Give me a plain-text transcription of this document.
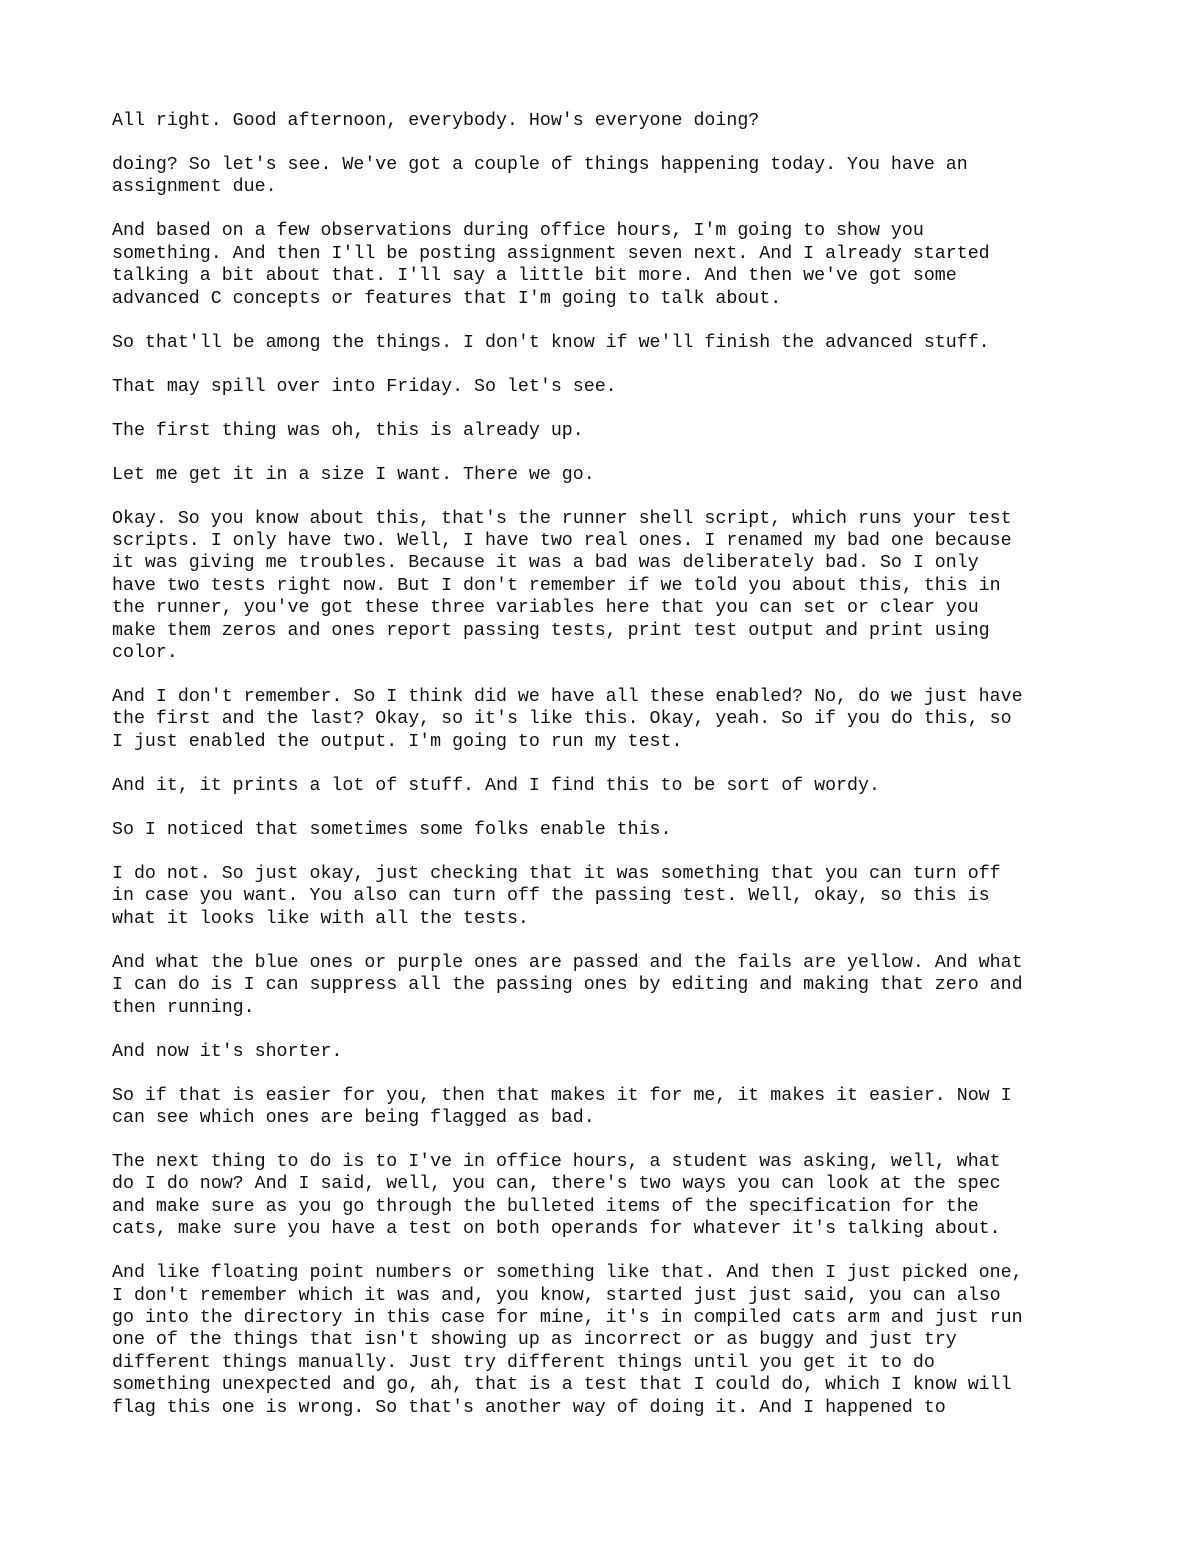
All right. Good afternoon, everybody. How's everyone doing?
doing? So let's see. We've got a couple of things happening today. You have an
assignment due.
And based on a few observations during office hours, I'm going to show you
something. And then I'll be posting assignment seven next. And I already started
talking a bit about that. I'll say a little bit more. And then we've got some
advanced C concepts or features that I'm going to talk about.
So that'll be among the things. I don't know if we'll finish the advanced stuff.
That may spill over into Friday. So let's see.
The first thing was oh, this is already up.
Let me get it in a size I want. There we go.
Okay. So you know about this, that's the runner shell script, which runs your test
scripts. I only have two. Well, I have two real ones. I renamed my bad one because
it was giving me troubles. Because it was a bad was deliberately bad. So I only
have two tests right now. But I don't remember if we told you about this, this in
the runner, you've got these three variables here that you can set or clear you
make them zeros and ones report passing tests, print test output and print using
color.
And I don't remember. So I think did we have all these enabled? No, do we just have
the first and the last? Okay, so it's like this. Okay, yeah. So if you do this, so
I just enabled the output. I'm going to run my test.
And it, it prints a lot of stuff. And I find this to be sort of wordy.
So I noticed that sometimes some folks enable this.
I do not. So just okay, just checking that it was something that you can turn off
in case you want. You also can turn off the passing test. Well, okay, so this is
what it looks like with all the tests.
And what the blue ones or purple ones are passed and the fails are yellow. And what
I can do is I can suppress all the passing ones by editing and making that zero and
then running.
And now it's shorter.
So if that is easier for you, then that makes it for me, it makes it easier. Now I
can see which ones are being flagged as bad.
The next thing to do is to I've in office hours, a student was asking, well, what
do I do now? And I said, well, you can, there's two ways you can look at the spec
and make sure as you go through the bulleted items of the specification for the
cats, make sure you have a test on both operands for whatever it's talking about.
And like floating point numbers or something like that. And then I just picked one,
I don't remember which it was and, you know, started just just said, you can also
go into the directory in this case for mine, it's in compiled cats arm and just run
one of the things that isn't showing up as incorrect or as buggy and just try
different things manually. Just try different things until you get it to do
something unexpected and go, ah, that is a test that I could do, which I know will
flag this one is wrong. So that's another way of doing it. And I happened to
